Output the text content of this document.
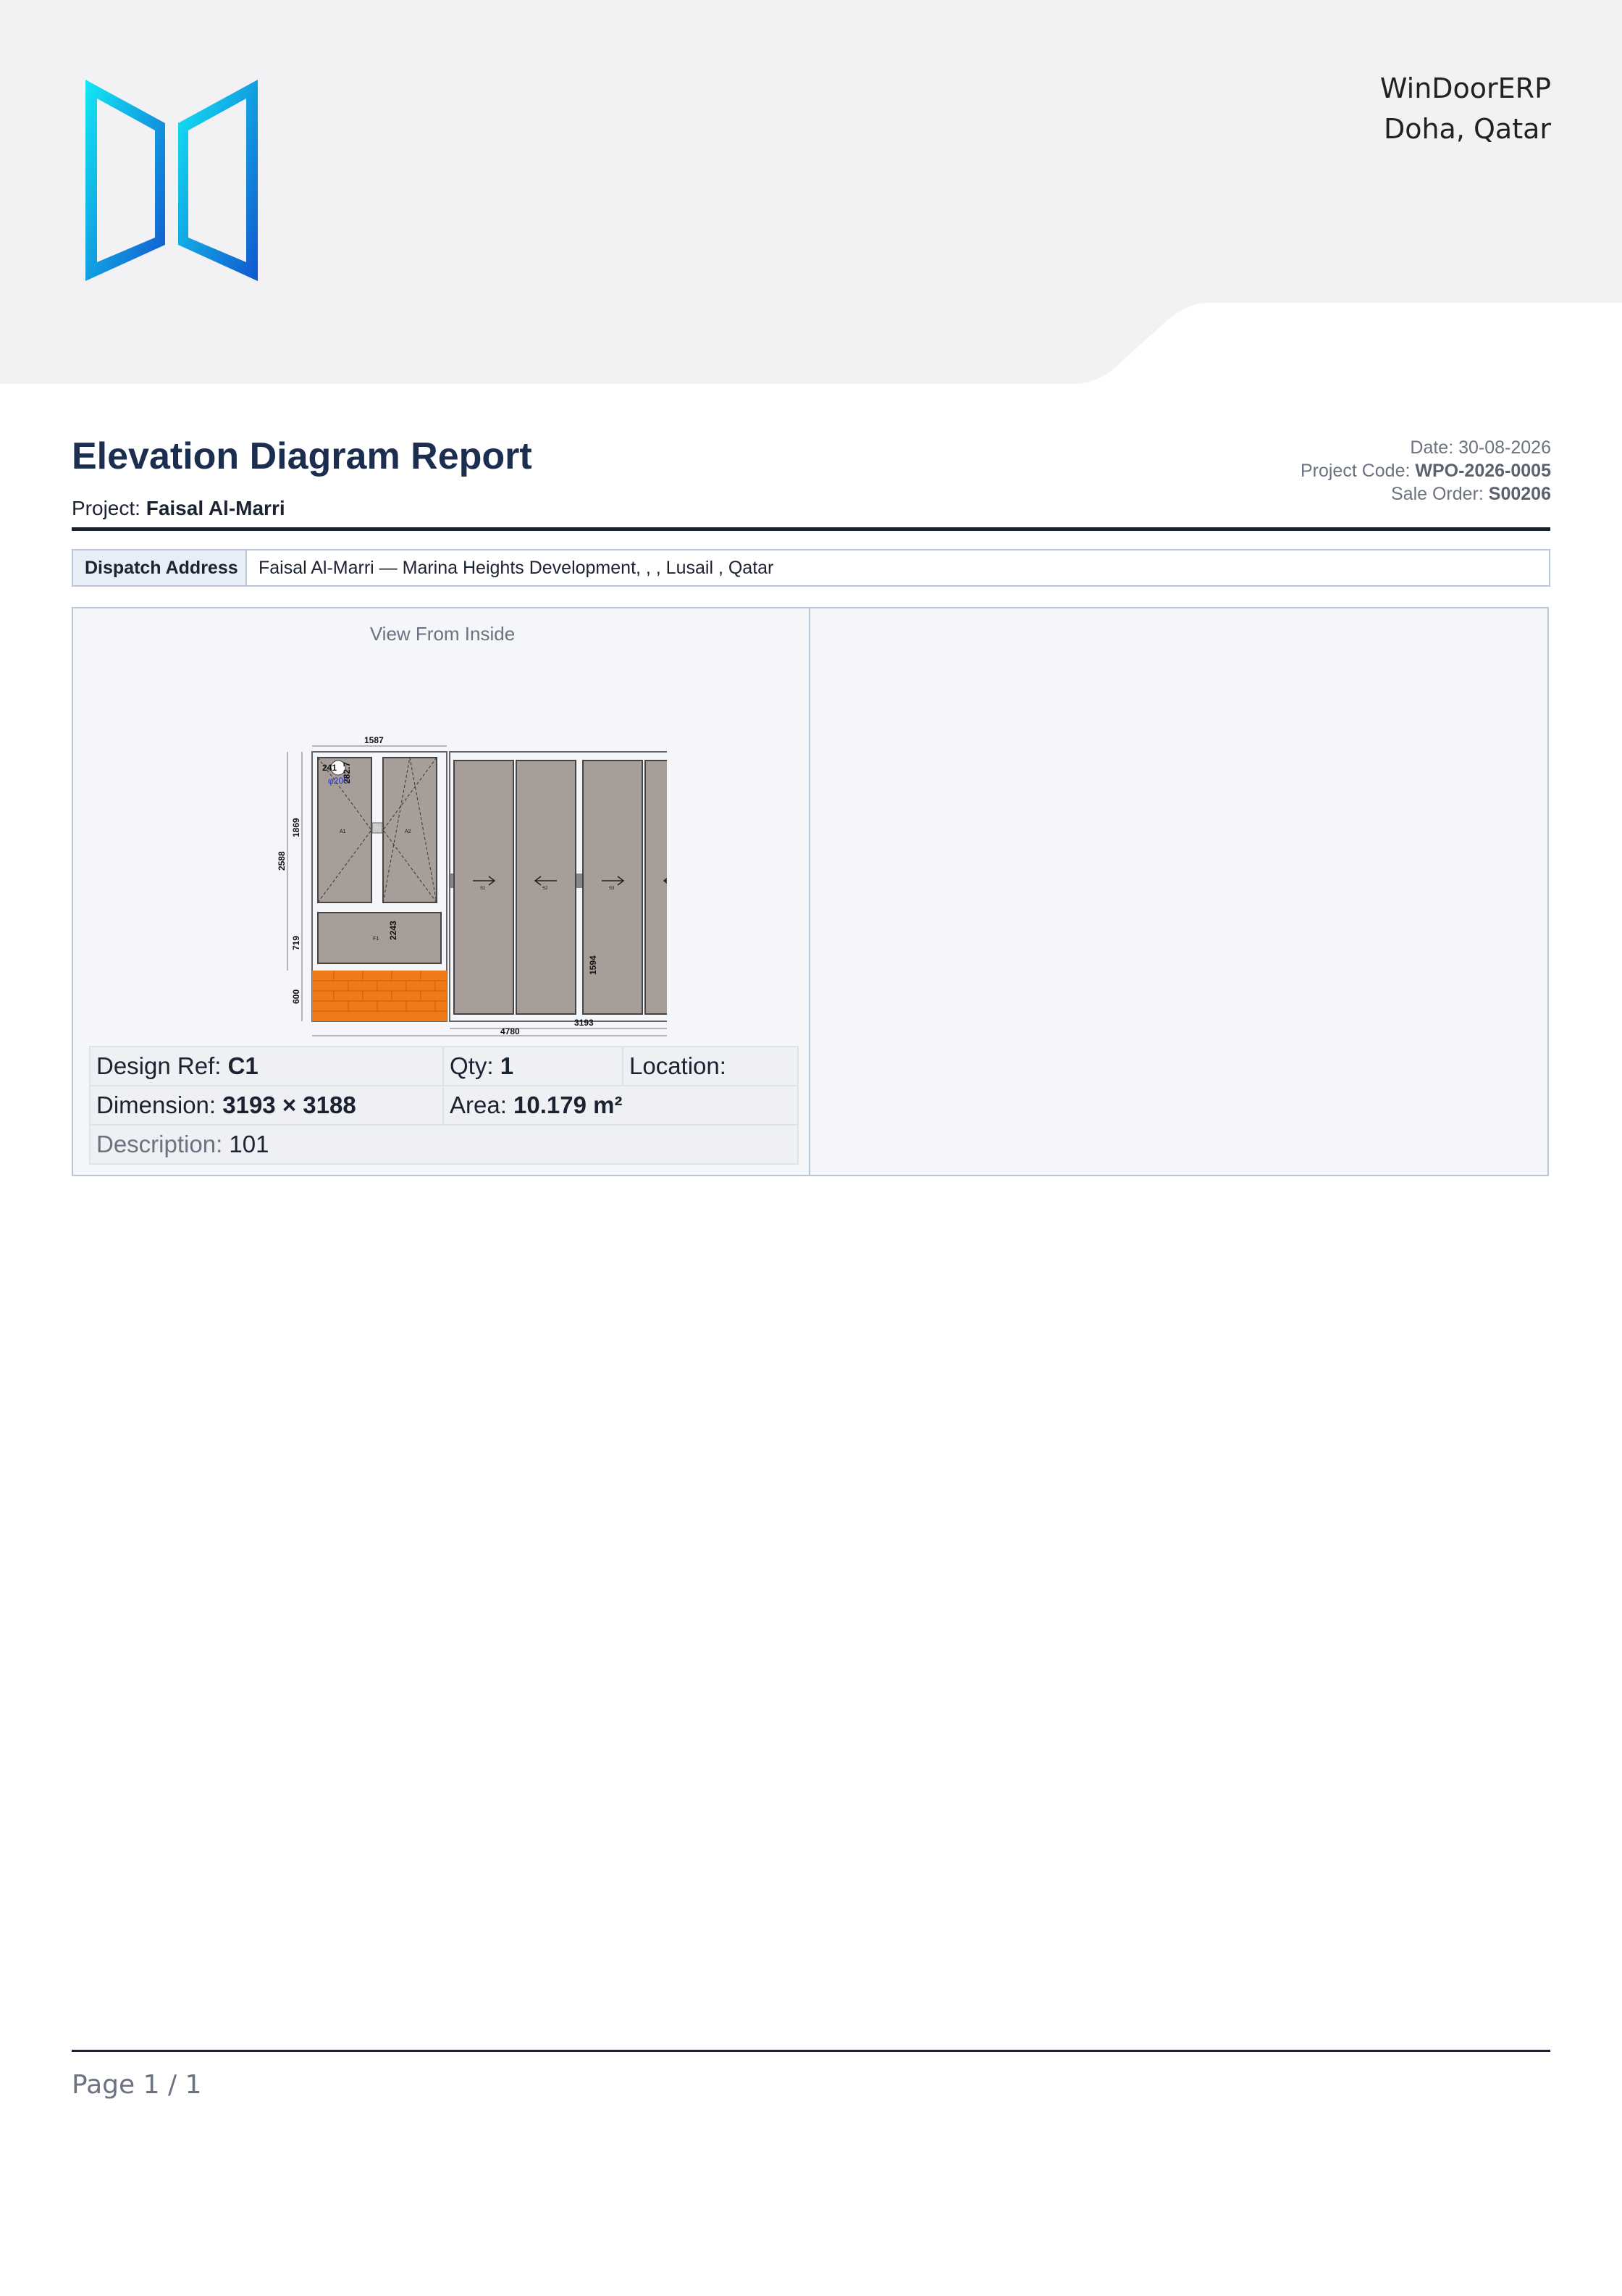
WinDoorERP
Doha, Qatar
Elevation Diagram Report
Project: Faisal Al-Marri
Date: 30-08-2026
Project Code: WPO-2026-0005
Sale Order: S00206
Dispatch Address	Faisal Al-Marri — Marina Heights Development, , , Lusail , Qatar
View From Inside
1587
A1	A2
241 282.7
φ200
F1 2243
2588
1869
719
600
S1	S2	S3
1594
3193
4780
Design Ref: C1	Qty: 1	Location:
Dimension: 3193 × 3188	Area: 10.179 m²	
Description: 101		
Page 1 / 1
